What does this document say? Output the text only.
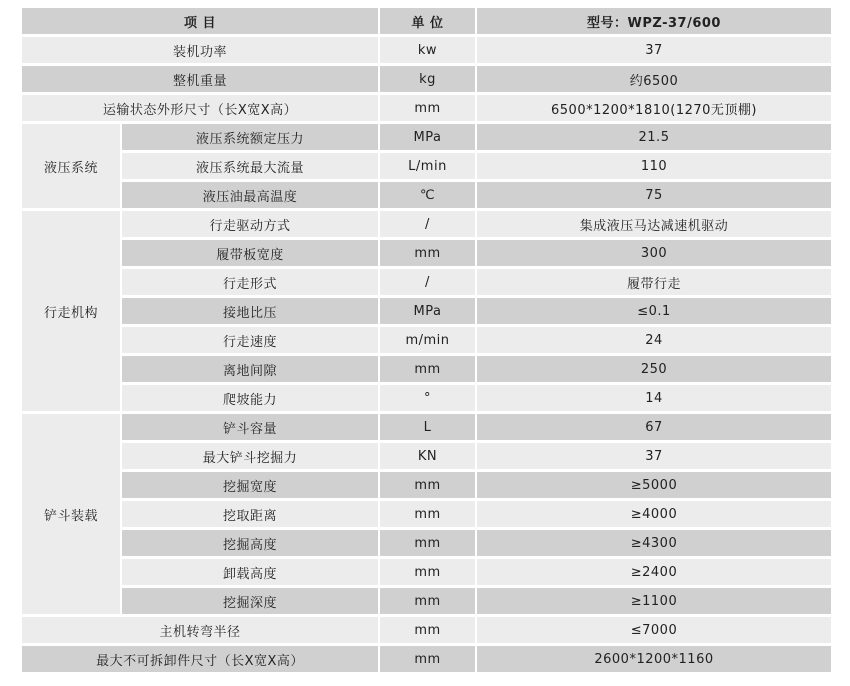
项 目		单 位	型号：WPZ-37/600
装机功率		kw	37
整机重量		kg	约6500
运输状态外形尺寸（长X宽X高）		mm	6500*1200*1810(1270无顶棚)
液压系统	液压系统额定压力	MPa	21.5
	液压系统最大流量	L/min	110
	液压油最高温度	℃	75
行走机构	行走驱动方式	/	集成液压马达减速机驱动
	履带板宽度	mm	300
	行走形式	/	履带行走
	接地比压	MPa	≤0.1
	行走速度	m/min	24
	离地间隙	mm	250
	爬坡能力	°	14
铲斗装载	铲斗容量	L	67
	最大铲斗挖掘力	KN	37
	挖掘宽度	mm	≥5000
	挖取距离	mm	≥4000
	挖掘高度	mm	≥4300
	卸载高度	mm	≥2400
	挖掘深度	mm	≥1100
主机转弯半径		mm	≤7000
最大不可拆卸件尺寸（长X宽X高）		mm	2600*1200*1160
